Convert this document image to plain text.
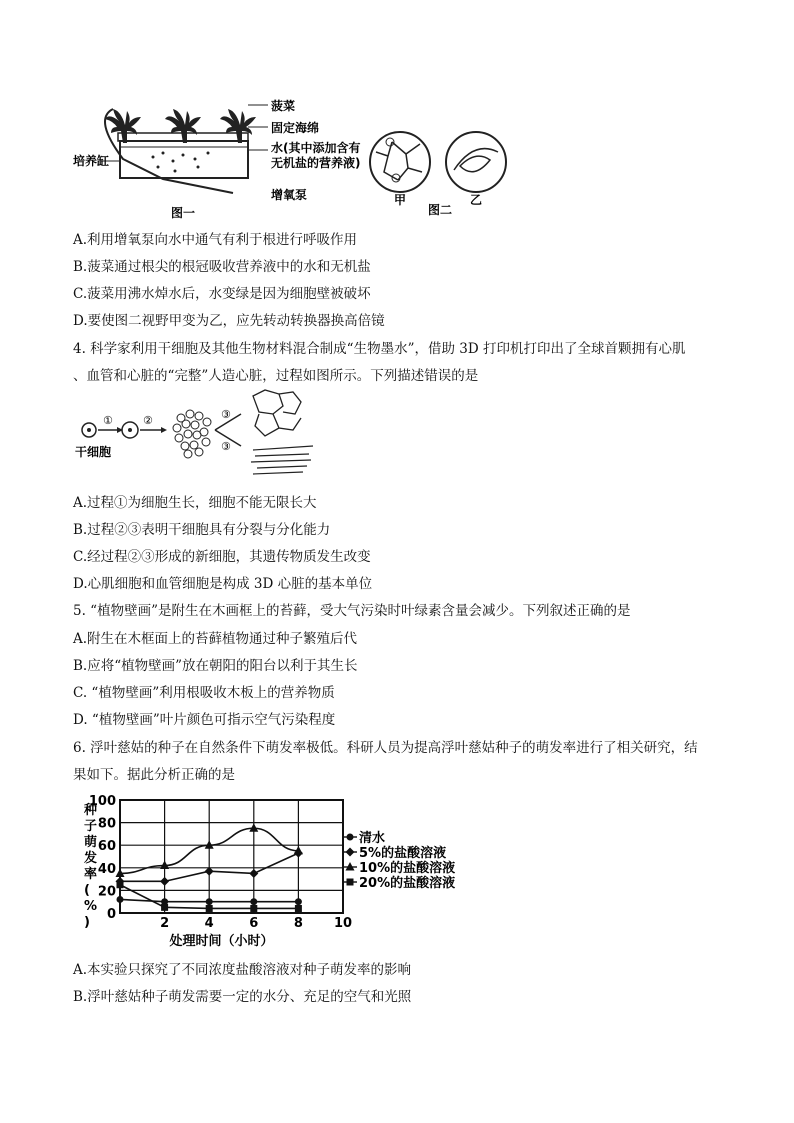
菠菜
固定海绵
水(其中添加含有
无机盐的营养液)
培养缸
增氧泵
图一
甲
图二
乙
A.利用增氧泵向水中通气有利于根进行呼吸作用
B.菠菜通过根尖的根冠吸收营养液中的水和无机盐
C.菠菜用沸水焯水后，水变绿是因为细胞壁被破坏
D.要使图二视野甲变为乙，应先转动转换器换高倍镜
4. 科学家利用干细胞及其他生物材料混合制成“生物墨水”，借助 3D 打印机打印出了全球首颗拥有心肌
、血管和心脏的“完整”人造心脏，过程如图所示。下列描述错误的是
①	②	③
③
干细胞
A.过程①为细胞生长，细胞不能无限长大
B.过程②③表明干细胞具有分裂与分化能力
C.经过程②③形成的新细胞，其遗传物质发生改变
D.心肌细胞和血管细胞是构成 3D 心脏的基本单位
5. “植物壁画”是附生在木画框上的苔藓，受大气污染时叶绿素含量会减少。下列叙述正确的是
A.附生在木框面上的苔藓植物通过种子繁殖后代
B.应将“植物壁画”放在朝阳的阳台以利于其生长
C. “植物壁画”利用根吸收木板上的营养物质
D. “植物壁画”叶片颜色可指示空气污染程度
6. 浮叶慈姑的种子在自然条件下萌发率极低。科研人员为提高浮叶慈姑种子的萌发率进行了相关研究，结
果如下。据此分析正确的是
2	4	6	8 10
0
20
40
60
80
100
处理时间（小时）
种子萌发率( % )
清水
5%的盐酸溶液
10%的盐酸溶液
20%的盐酸溶液
A.本实验只探究了不同浓度盐酸溶液对种子萌发率的影响
B.浮叶慈姑种子萌发需要一定的水分、充足的空气和光照
